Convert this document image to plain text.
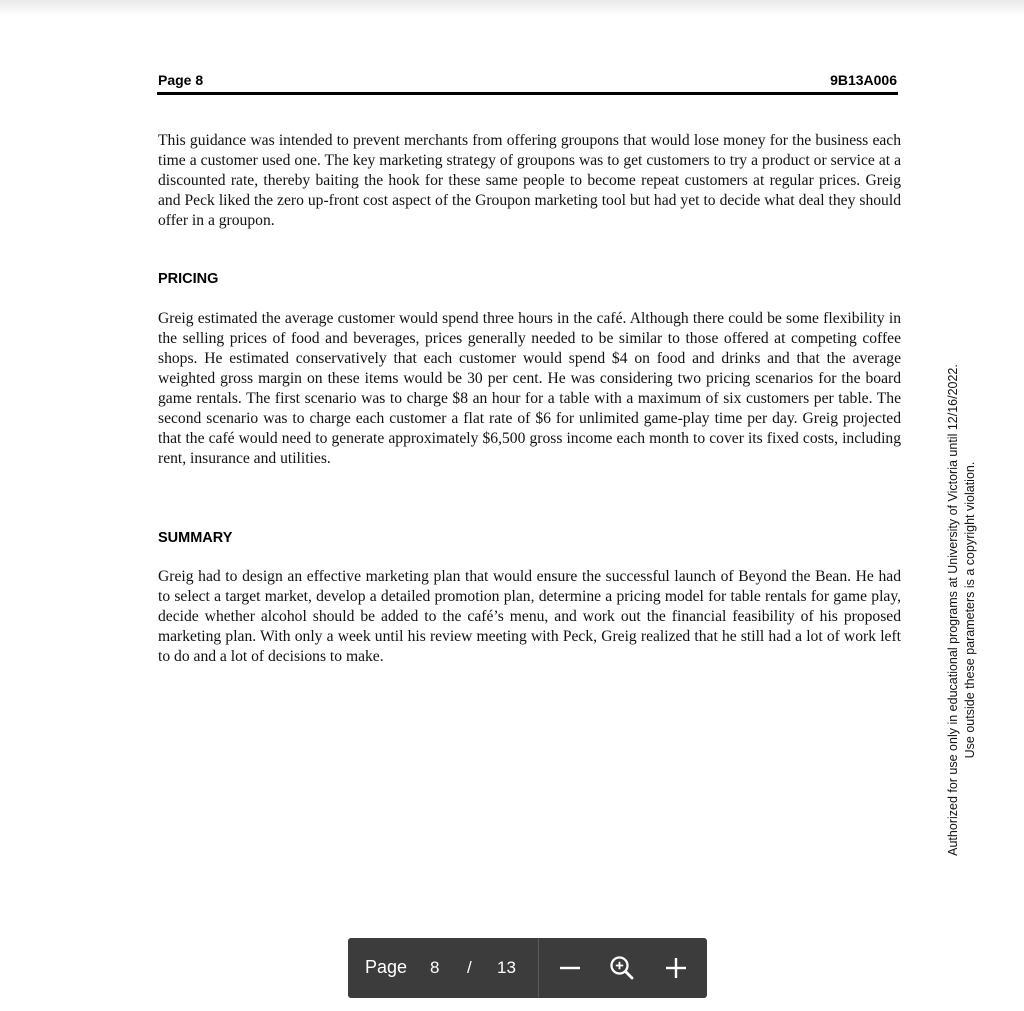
Page 8	9B13A006

This guidance was intended to prevent merchants from offering groupons that would lose money for the business each time a customer used one. The key marketing strategy of groupons was to get customers to try a product or service at a discounted rate, thereby baiting the hook for these same people to become repeat customers at regular prices. Greig and Peck liked the zero up-front cost aspect of the Groupon marketing tool but had yet to decide what deal they should offer in a groupon.

PRICING

Greig estimated the average customer would spend three hours in the café. Although there could be some flexibility in the selling prices of food and beverages, prices generally needed to be similar to those offered at competing coffee shops. He estimated conservatively that each customer would spend $4 on food and drinks and that the average weighted gross margin on these items would be 30 per cent. He was considering two pricing scenarios for the board game rentals. The first scenario was to charge $8 an hour for a table with a maximum of six customers per table. The second scenario was to charge each customer a flat rate of $6 for unlimited game-play time per day. Greig projected that the café would need to generate approximately $6,500 gross income each month to cover its fixed costs, including rent, insurance and utilities.

SUMMARY

Greig had to design an effective marketing plan that would ensure the successful launch of Beyond the Bean. He had to select a target market, develop a detailed promotion plan, determine a pricing model for table rentals for game play, decide whether alcohol should be added to the café’s menu, and work out the financial feasibility of his proposed marketing plan. With only a week until his review meeting with Peck, Greig realized that he still had a lot of work left to do and a lot of decisions to make.	Authorized for use only in educational programs at University of Victoria until 12/16/2022. Use outside these parameters is a copyright violation.
Page 8 / 13
